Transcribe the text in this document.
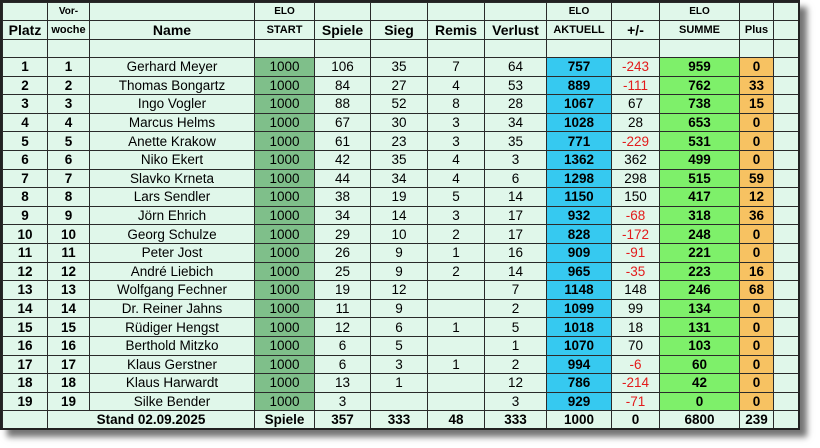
	Vor-		ELO					ELO		ELO		
Platz	woche	Name	START	Spiele	Sieg	Remis	Verlust	AKTUELL	+/-	SUMME	Plus	

1	1	Gerhard Meyer	1000	106	35	7	64	757	-243	959	0	
2	2	Thomas Bongartz	1000	84	27	4	53	889	-111	762	33	
3	3	Ingo Vogler	1000	88	52	8	28	1067	67	738	15	
4	4	Marcus Helms	1000	67	30	3	34	1028	28	653	0	
5	5	Anette Krakow	1000	61	23	3	35	771	-229	531	0	
6	6	Niko Ekert	1000	42	35	4	3	1362	362	499	0	
7	7	Slavko Krneta	1000	44	34	4	6	1298	298	515	59	
8	8	Lars Sendler	1000	38	19	5	14	1150	150	417	12	
9	9	Jörn Ehrich	1000	34	14	3	17	932	-68	318	36	
10	10	Georg Schulze	1000	29	10	2	17	828	-172	248	0	
11	11	Peter Jost	1000	26	9	1	16	909	-91	221	0	
12	12	André Liebich	1000	25	9	2	14	965	-35	223	16	
13	13	Wolfgang Fechner	1000	19	12		7	1148	148	246	68	
14	14	Dr. Reiner Jahns	1000	11	9		2	1099	99	134	0	
15	15	Rüdiger Hengst	1000	12	6	1	5	1018	18	131	0	
16	16	Berthold Mitzko	1000	6	5		1	1070	70	103	0	
17	17	Klaus Gerstner	1000	6	3	1	2	994	-6	60	0	
18	18	Klaus Harwardt	1000	13	1		12	786	-214	42	0	
19	19	Silke Bender	1000	3			3	929	-71	0	0	
	Stand 02.09.2025		Spiele	357	333	48	333	1000	0	6800	239	
